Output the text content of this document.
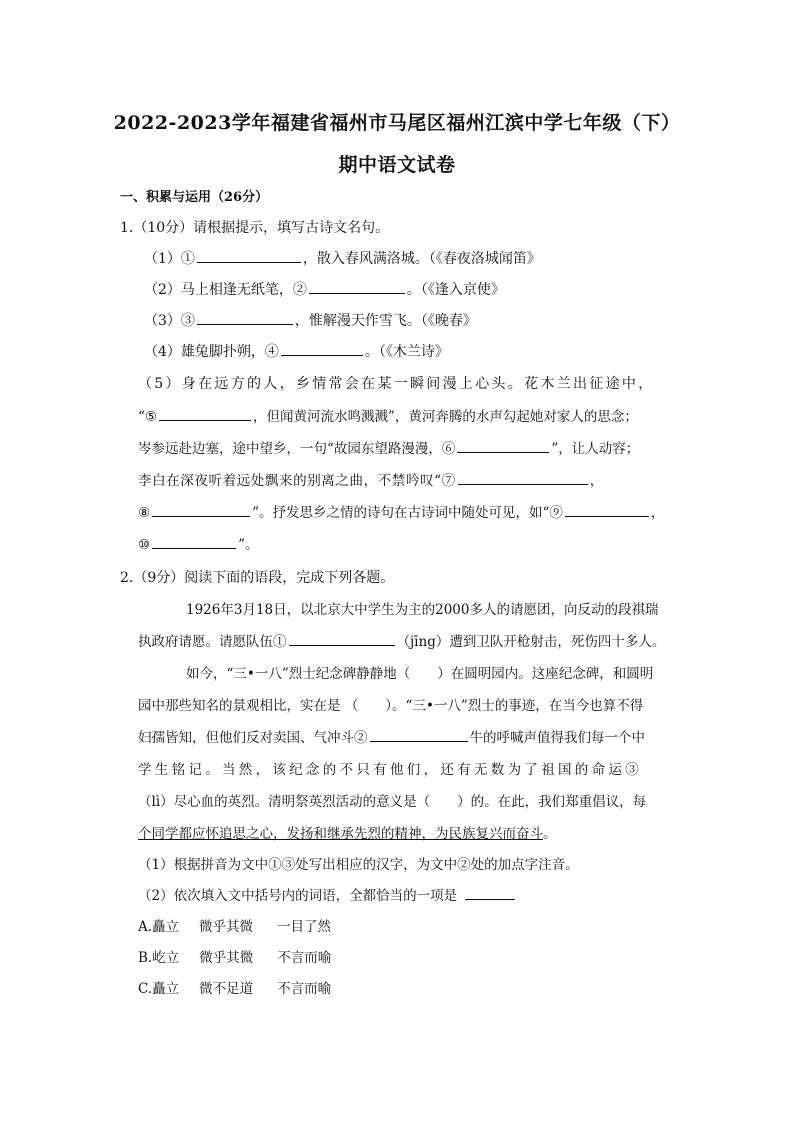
2022-2023学年福建省福州市马尾区福州江滨中学七年级（下）
期中语文试卷
一、积累与运用（26分）
1.（10分）请根据提示，填写古诗文名句。
（1）①	，散入春风满洛城。（《春夜洛城闻笛》
（2）马上相逢无纸笔，②	。（《逢入京使》
（3）③	，惟解漫天作雪飞。（《晚春》
（4）雄兔脚扑朔，④	。（《木兰诗》
（5）身在远方的人，乡情常会在某一瞬间漫上心头。花木兰出征途中，
“⑤	，但闻黄河流水鸣溅溅”，黄河奔腾的水声勾起她对家人的思念；
岑参远赴边塞，途中望乡，一句“故园东望路漫漫，⑥	”，让人动容；
李白在深夜听着远处飘来的别离之曲，不禁吟叹“⑦	，
⑧	”。抒发思乡之情的诗句在古诗词中随处可见，如“⑨	，
⑩	”。
2.（9分）阅读下面的语段，完成下列各题。
1926年3月18日，以北京大中学生为主的2000多人的请愿团，向反动的段祺瑞
执政府请愿。请愿队伍①	（jīng）遭到卫队开枪射击，死伤四十多人。
如今，“三•一八”烈士纪念碑静静地（　　）在圆明园内。这座纪念碑，和圆明
园中那些知名的景观相比，实在是 （　　）。“三•一八”烈士的事迹，在当今也算不得
妇孺皆知，但他们反对卖国、气冲斗②	牛的呼喊声值得我们每一个中
学生铭记。当然，该纪念的不只有他们，还有无数为了祖国的命运③
（lì）尽心血的英烈。清明祭英烈活动的意义是（　　）的。在此，我们郑重倡议，每
个同学都应怀追思之心，发扬和继承先烈的精神，为民族复兴而奋斗。
（1）根据拼音为文中①③处写出相应的汉字，为文中②处的加点字注音。
（2）依次填入文中括号内的词语，全都恰当的一项是
A.矗立 微乎其微 一目了然
B.屹立 微乎其微 不言而喻
C.矗立 微不足道 不言而喻
